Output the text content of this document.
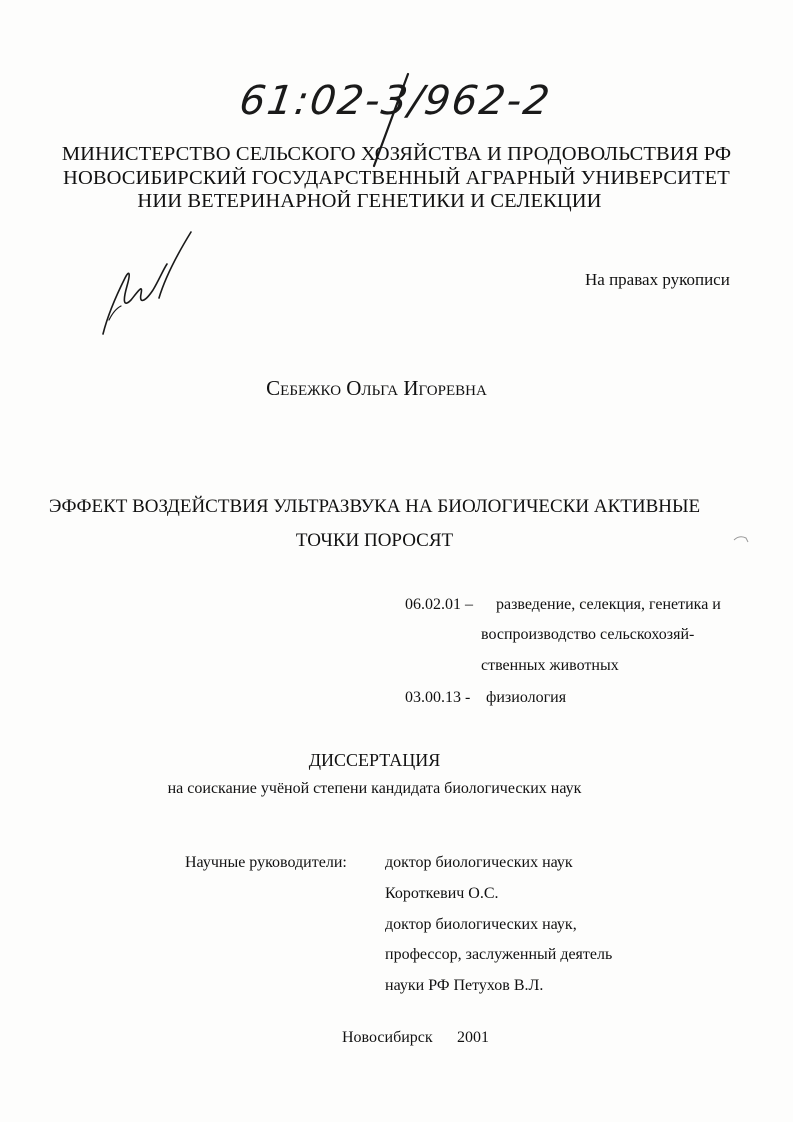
61:02-3/962-2
МИНИСТЕРСТВО СЕЛЬСКОГО ХОЗЯЙСТВА И ПРОДОВОЛЬСТВИЯ РФ
НОВОСИБИРСКИЙ ГОСУДАРСТВЕННЫЙ АГРАРНЫЙ УНИВЕРСИТЕТ
НИИ ВЕТЕРИНАРНОЙ ГЕНЕТИКИ И СЕЛЕКЦИИ
На правах рукописи
Себежко Ольга Игоревна
ЭФФЕКТ ВОЗДЕЙСТВИЯ УЛЬТРАЗВУКА НА БИОЛОГИЧЕСКИ АКТИВНЫЕ
ТОЧКИ ПОРОСЯТ
06.02.01 – разведение, селекция, генетика и
воспроизводство сельскохозяй-
ственных животных
03.00.13 - физиология
ДИССЕРТАЦИЯ
на соискание учёной степени кандидата биологических наук
Научные руководители: доктор биологических наук
Короткевич О.С.
доктор биологических наук,
профессор, заслуженный деятель
науки РФ Петухов В.Л.
Новосибирск 2001
